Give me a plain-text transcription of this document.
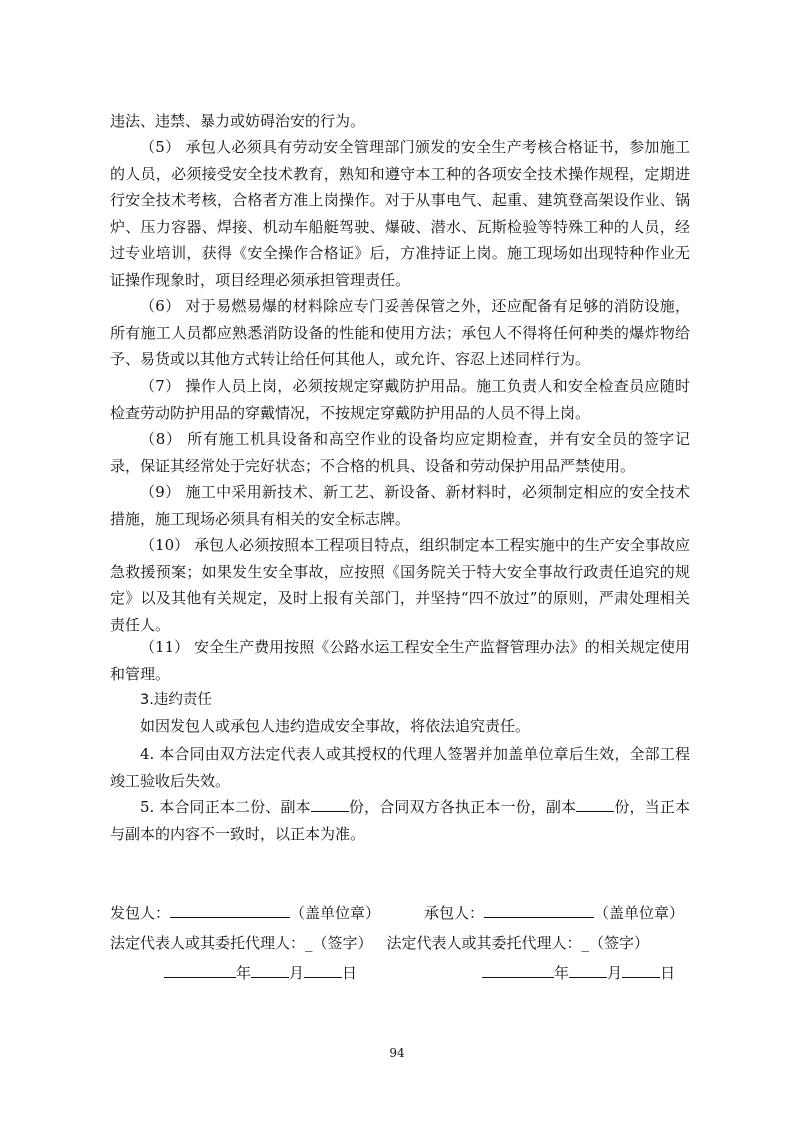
违法、违禁、暴力或妨碍治安的行为。

（5） 承包人必须具有劳动安全管理部门颁发的安全生产考核合格证书，参加施工的人员，必须接受安全技术教育，熟知和遵守本工种的各项安全技术操作规程，定期进行安全技术考核，合格者方准上岗操作。对于从事电气、起重、建筑登高架设作业、锅炉、压力容器、焊接、机动车船艇驾驶、爆破、潜水、瓦斯检验等特殊工种的人员，经过专业培训，获得《安全操作合格证》后，方准持证上岗。施工现场如出现特种作业无证操作现象时，项目经理必须承担管理责任。

（6） 对于易燃易爆的材料除应专门妥善保管之外，还应配备有足够的消防设施，所有施工人员都应熟悉消防设备的性能和使用方法；承包人不得将任何种类的爆炸物给予、易货或以其他方式转让给任何其他人，或允许、容忍上述同样行为。

（7） 操作人员上岗，必须按规定穿戴防护用品。施工负责人和安全检查员应随时检查劳动防护用品的穿戴情况，不按规定穿戴防护用品的人员不得上岗。

（8） 所有施工机具设备和高空作业的设备均应定期检查，并有安全员的签字记录，保证其经常处于完好状态；不合格的机具、设备和劳动保护用品严禁使用。

（9） 施工中采用新技术、新工艺、新设备、新材料时，必须制定相应的安全技术措施，施工现场必须具有相关的安全标志牌。

（10） 承包人必须按照本工程项目特点，组织制定本工程实施中的生产安全事故应急救援预案；如果发生安全事故，应按照《国务院关于特大安全事故行政责任追究的规定》以及其他有关规定，及时上报有关部门，并坚持“四不放过”的原则，严肃处理相关责任人。

（11） 安全生产费用按照《公路水运工程安全生产监督管理办法》的相关规定使用和管理。

3.违约责任

如因发包人或承包人违约造成安全事故，将依法追究责任。

4. 本合同由双方法定代表人或其授权的代理人签署并加盖单位章后生效，全部工程竣工验收后失效。

5. 本合同正本二份、副本	份，合同双方各执正本一份，副本	份，当正本与副本的内容不一致时，以正本为准。

发包人：	（盖单位章）	承包人：	（盖单位章）
法定代表人或其委托代理人：_（签字） 法定代表人或其委托代理人：_（签字）
年	月	日	年	月	日
94
